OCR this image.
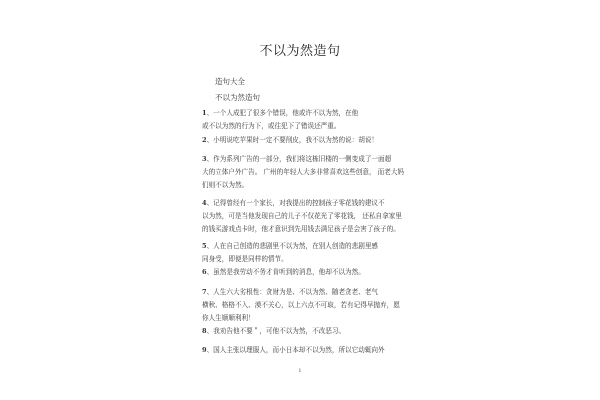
不以为然造句
造句大全
不以为然造句

1、一个人成犯了很多个错误，他或许不以为然，在他
或不以为然的行为下，或往犯下了错误还严重。

2、小明说吃苹果时一定不要削皮，我不以为然的说：胡说！

3、作为系列广告的一部分，我们将这栋旧楼的一侧变成了一面超
大的立体户外广告。 广州的年轻人大多非常喜欢这些创意， 而老大妈
们则不以为然。

4、记得曾经有一个家长，对我提出的控制孩子零花钱的建议不
以为然，可是当他发现自己的儿子不仅花光了零花钱， 还私自拿家里
的钱买游戏点卡时，他才意识到先用钱去满足孩子是会害了孩子的。

5、人在自己创造的悲剧里不以为然，在别人创造的悲剧里感
同身受，即便是同样的情节。

6、虽然是我劳动不务才肯听到的消息，他却不以为然。

7、人生六大劣根性：贪财为是、不以为然、随老贪老、老气
横秋、格格不入、漠不关心，以上六点不可取，若有记得早抛弃，愿
你人生顺顺利利！

8、我劝告他不要＂，可他不以为然，不改恶习。

9、国人主张以理服人，而小日本却不以为然，所以它动辄向外

1
